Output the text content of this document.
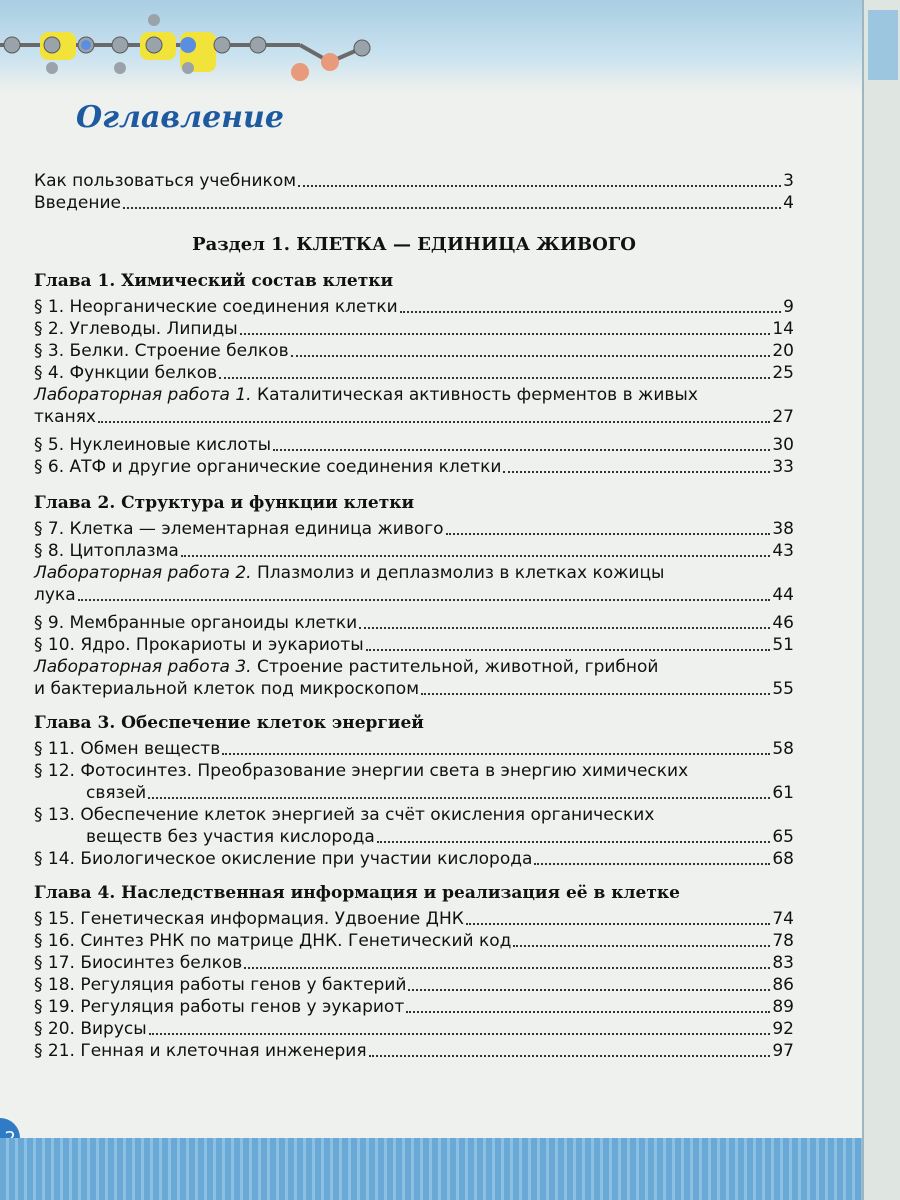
Оглавление
Как пользоваться учебником	3
Введение	4
Раздел 1. КЛЕТКА — ЕДИНИЦА ЖИВОГО
Глава 1. Химический состав клетки
§ 1. Неорганические соединения клетки	9
§ 2. Углеводы. Липиды	14
§ 3. Белки. Строение белков	20
§ 4. Функции белков	25
Лабораторная работа 1. Каталитическая активность ферментов в живых
тканях	27
§ 5. Нуклеиновые кислоты	30
§ 6. АТФ и другие органические соединения клетки	33
Глава 2. Структура и функции клетки
§ 7. Клетка — элементарная единица живого	38
§ 8. Цитоплазма	43
Лабораторная работа 2. Плазмолиз и деплазмолиз в клетках кожицы
лука	44
§ 9. Мембранные органоиды клетки	46
§ 10. Ядро. Прокариоты и эукариоты	51
Лабораторная работа 3. Строение растительной, животной, грибной
и бактериальной клеток под микроскопом	55
Глава 3. Обеспечение клеток энергией
§ 11. Обмен веществ	58
§ 12. Фотосинтез. Преобразование энергии света в энергию химических
связей	61
§ 13. Обеспечение клеток энергией за счёт окисления органических
веществ без участия кислорода	65
§ 14. Биологическое окисление при участии кислорода	68
Глава 4. Наследственная информация и реализация её в клетке
§ 15. Генетическая информация. Удвоение ДНК	74
§ 16. Синтез РНК по матрице ДНК. Генетический код	78
§ 17. Биосинтез белков	83
§ 18. Регуляция работы генов у бактерий	86
§ 19. Регуляция работы генов у эукариот	89
§ 20. Вирусы	92
§ 21. Генная и клеточная инженерия	97
